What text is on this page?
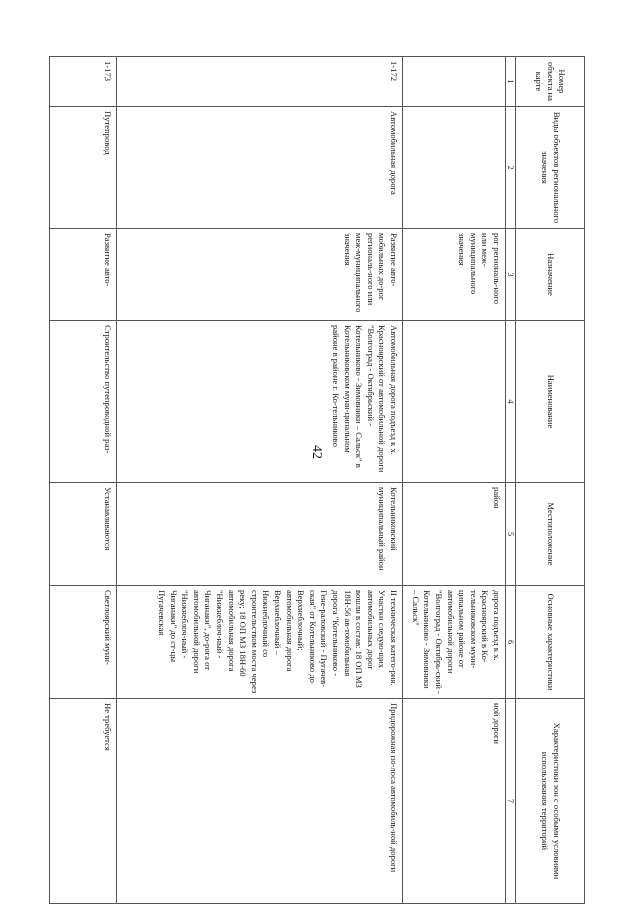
42
Номер объекта на карте	Виды объектов регионального значения	Назначение	Наименование	Местоположение	Основные характеристики	Характеристики зон с особыми условиями использования территорий
1	2	3	4	5	6	7
		рог региональ-ного или меж-муниципального значения		район	дорога подъезд к х. Красноярский в Ко-тельниковском муни-ципальном районе от автомобильной дороги "Волгоград - Октябрь-ский - Котельниково - Зимовники – Сальск"	ной дороги
1-172	Автомобильная дорога	Развитие авто-мобильных до-рог региональ-ного или меж-муниципального значения	Автомобильная дорога подъезд к х. Красноярский от автомобильной дороги "Волгоград - Октябрьский - Котельниково - Зимовники – Сальск" в Котельниковском муни-ципальном районе в районе г. Ко-тельниково	Котельниковский муниципальный район	II техническая катего-рия. Участки следую-щих автомобильных дорог вошли в состав: 18 ОП МЗ 18Н-56 ав-томобильная дорога "Котельниково - Гене-раловский - Пугачев-ская" от Котельниково до Верхнеблочный; автомобильная дорога Верхнеблочный – Нижнеблочный со строительством моста через реку; 18 ОП МЗ 18Н-60 автомобильная дорога "Нижнеблоч-ный - Чиганаки", до-рога от автомобильной дороги "Нижнеблоч-ный - Чиганаки" до ст-цы Пугачевская	Придорожная по-лоса автомобиль-ной дороги
1-173	Путепровод	Развитие авто-	Строительство путепроводной раз-	Устанавливаются	Светлоярский муни-	Не требуется
